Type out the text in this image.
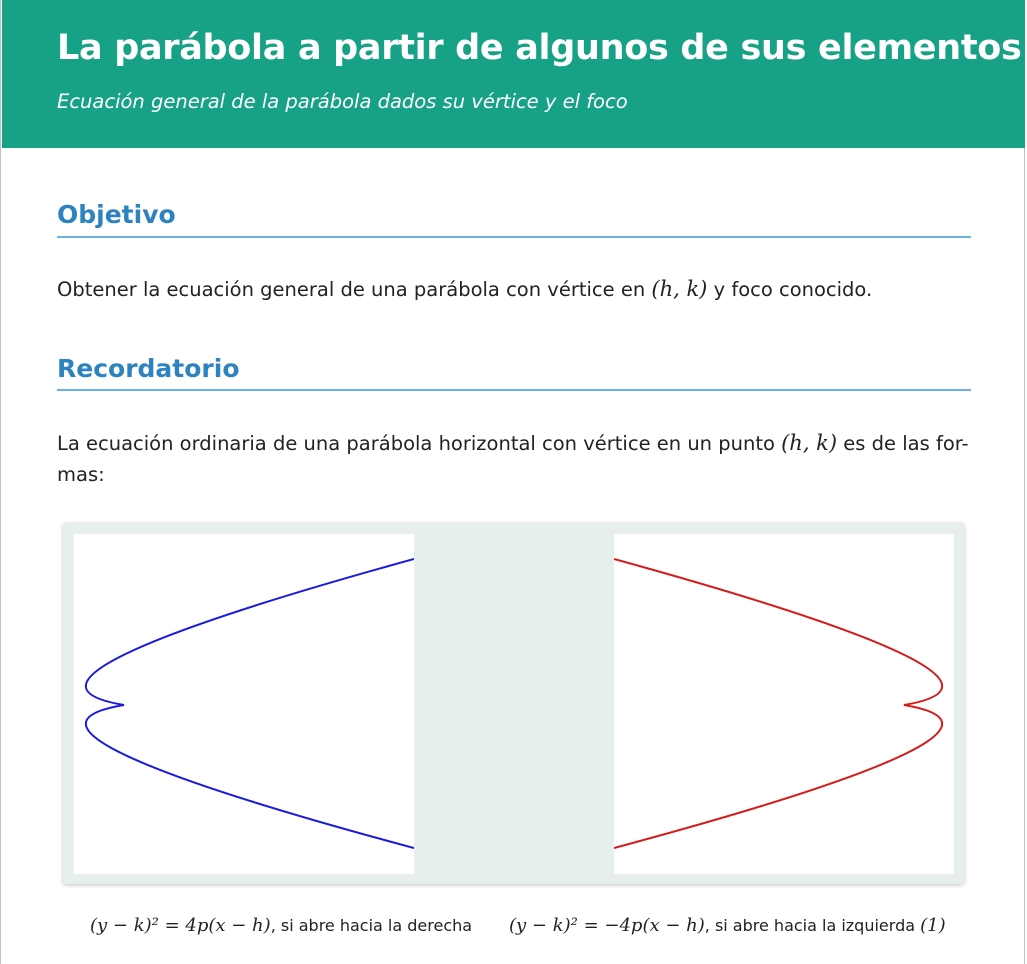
La parábola a partir de algunos de sus elementos
Ecuación general de la parábola dados su vértice y el foco
Objetivo
Obtener la ecuación general de una parábola con vértice en (h, k) y foco conocido.
Recordatorio
La ecuación ordinaria de una parábola horizontal con vértice en un punto (h, k) es de las for-
mas:
(y − k)² = 4p(x − h), si abre hacia la derecha (y − k)² = −4p(x − h), si abre hacia la izquierda (1)
